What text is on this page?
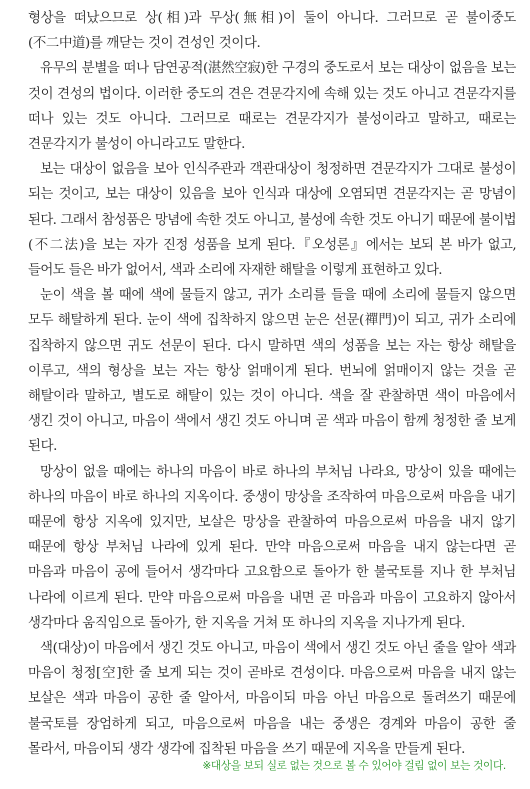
형상을 떠났으므로 상(相)과 무상(無相)이 둘이 아니다. 그러므로 곧 불이중도(不二中道)를 깨닫는 것이 견성인 것이다.

유무의 분별을 떠나 담연공적(湛然空寂)한 구경의 중도로서 보는 대상이 없음을 보는 것이 견성의 법이다. 이러한 중도의 견은 견문각지에 속해 있는 것도 아니고 견문각지를 떠나 있는 것도 아니다. 그러므로 때로는 견문각지가 불성이라고 말하고, 때로는 견문각지가 불성이 아니라고도 말한다.

보는 대상이 없음을 보아 인식주관과 객관대상이 청정하면 견문각지가 그대로 불성이 되는 것이고, 보는 대상이 있음을 보아 인식과 대상에 오염되면 견문각지는 곧 망념이 된다. 그래서 참성품은 망념에 속한 것도 아니고, 불성에 속한 것도 아니기 때문에 불이법(不二法)을 보는 자가 진정 성품을 보게 된다.『오성론』에서는 보되 본 바가 없고, 들어도 들은 바가 없어서, 색과 소리에 자재한 해탈을 이렇게 표현하고 있다.

눈이 색을 볼 때에 색에 물들지 않고, 귀가 소리를 들을 때에 소리에 물들지 않으면 모두 해탈하게 된다. 눈이 색에 집착하지 않으면 눈은 선문(禪門)이 되고, 귀가 소리에 집착하지 않으면 귀도 선문이 된다. 다시 말하면 색의 성품을 보는 자는 항상 해탈을 이루고, 색의 형상을 보는 자는 항상 얽매이게 된다. 번뇌에 얽매이지 않는 것을 곧 해탈이라 말하고, 별도로 해탈이 있는 것이 아니다. 색을 잘 관찰하면 색이 마음에서 생긴 것이 아니고, 마음이 색에서 생긴 것도 아니며 곧 색과 마음이 함께 청정한 줄 보게 된다.

망상이 없을 때에는 하나의 마음이 바로 하나의 부처님 나라요, 망상이 있을 때에는 하나의 마음이 바로 하나의 지옥이다. 중생이 망상을 조작하여 마음으로써 마음을 내기 때문에 항상 지옥에 있지만, 보살은 망상을 관찰하여 마음으로써 마음을 내지 않기 때문에 항상 부처님 나라에 있게 된다. 만약 마음으로써 마음을 내지 않는다면 곧 마음과 마음이 공에 들어서 생각마다 고요함으로 돌아가 한 불국토를 지나 한 부처님 나라에 이르게 된다. 만약 마음으로써 마음을 내면 곧 마음과 마음이 고요하지 않아서 생각마다 움직임으로 돌아가, 한 지옥을 거쳐 또 하나의 지옥을 지나가게 된다.

색(대상)이 마음에서 생긴 것도 아니고, 마음이 색에서 생긴 것도 아닌 줄을 알아 색과 마음이 청정[空]한 줄 보게 되는 것이 곧바로 견성이다. 마음으로써 마음을 내지 않는 보살은 색과 마음이 공한 줄 알아서, 마음이되 마음 아닌 마음으로 돌려쓰기 때문에 불국토를 장엄하게 되고, 마음으로써 마음을 내는 중생은 경계와 마음이 공한 줄 몰라서, 마음이되 생각 생각에 집착된 마음을 쓰기 때문에 지옥을 만들게 된다.

※대상을 보되 실로 없는 것으로 볼 수 있어야 걸림 없이 보는 것이다.
